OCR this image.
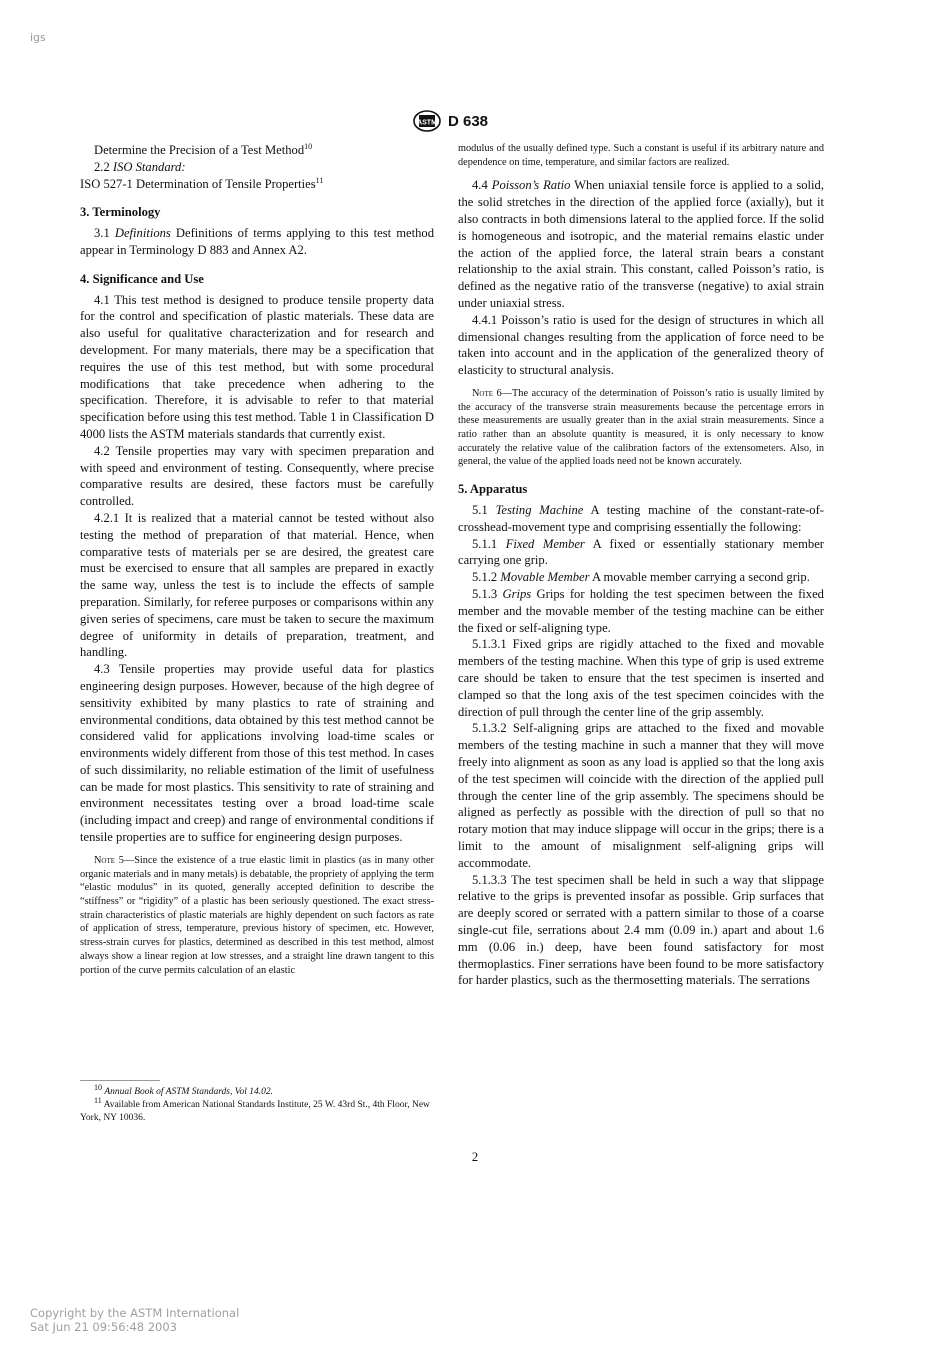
igs
ASTM D 638

Determine the Precision of a Test Method$^{10}$

2.2 ISO Standard:

ISO 527-1 Determination of Tensile Properties$^{11}$

3. Terminology

3.1 Definitions Definitions of terms applying to this test method appear in Terminology D 883 and Annex A2.

4. Significance and Use

4.1 This test method is designed to produce tensile property data for the control and specification of plastic materials. These data are also useful for qualitative characterization and for research and development. For many materials, there may be a specification that requires the use of this test method, but with some procedural modifications that take precedence when adhering to the specification. Therefore, it is advisable to refer to that material specification before using this test method. Table 1 in Classification D 4000 lists the ASTM materials standards that currently exist.

4.2 Tensile properties may vary with specimen preparation and with speed and environment of testing. Consequently, where precise comparative results are desired, these factors must be carefully controlled.

4.2.1 It is realized that a material cannot be tested without also testing the method of preparation of that material. Hence, when comparative tests of materials per se are desired, the greatest care must be exercised to ensure that all samples are prepared in exactly the same way, unless the test is to include the effects of sample preparation. Similarly, for referee purposes or comparisons within any given series of specimens, care must be taken to secure the maximum degree of uniformity in details of preparation, treatment, and handling.

4.3 Tensile properties may provide useful data for plastics engineering design purposes. However, because of the high degree of sensitivity exhibited by many plastics to rate of straining and environmental conditions, data obtained by this test method cannot be considered valid for applications involving load-time scales or environments widely different from those of this test method. In cases of such dissimilarity, no reliable estimation of the limit of usefulness can be made for most plastics. This sensitivity to rate of straining and environment necessitates testing over a broad load-time scale (including impact and creep) and range of environmental conditions if tensile properties are to suffice for engineering design purposes.

Note 5—Since the existence of a true elastic limit in plastics (as in many other organic materials and in many metals) is debatable, the propriety of applying the term “elastic modulus” in its quoted, generally accepted definition to describe the “stiffness” or “rigidity” of a plastic has been seriously questioned. The exact stress-strain characteristics of plastic materials are highly dependent on such factors as rate of application of stress, temperature, previous history of specimen, etc. However, stress-strain curves for plastics, determined as described in this test method, almost always show a linear region at low stresses, and a straight line drawn tangent to this portion of the curve permits calculation of an elastic

$^{10}$ Annual Book of ASTM Standards, Vol 14.02.

$^{11}$ Available from American National Standards Institute, 25 W. 43rd St., 4th Floor, New York, NY 10036.

modulus of the usually defined type. Such a constant is useful if its arbitrary nature and dependence on time, temperature, and similar factors are realized.

4.4 Poisson’s Ratio When uniaxial tensile force is applied to a solid, the solid stretches in the direction of the applied force (axially), but it also contracts in both dimensions lateral to the applied force. If the solid is homogeneous and isotropic, and the material remains elastic under the action of the applied force, the lateral strain bears a constant relationship to the axial strain. This constant, called Poisson’s ratio, is defined as the negative ratio of the transverse (negative) to axial strain under uniaxial stress.

4.4.1 Poisson’s ratio is used for the design of structures in which all dimensional changes resulting from the application of force need to be taken into account and in the application of the generalized theory of elasticity to structural analysis.

Note 6—The accuracy of the determination of Poisson’s ratio is usually limited by the accuracy of the transverse strain measurements because the percentage errors in these measurements are usually greater than in the axial strain measurements. Since a ratio rather than an absolute quantity is measured, it is only necessary to know accurately the relative value of the calibration factors of the extensometers. Also, in general, the value of the applied loads need not be known accurately.

5. Apparatus

5.1 Testing Machine A testing machine of the constant-rate-of-crosshead-movement type and comprising essentially the following:

5.1.1 Fixed Member A fixed or essentially stationary member carrying one grip.

5.1.2 Movable Member A movable member carrying a second grip.

5.1.3 Grips Grips for holding the test specimen between the fixed member and the movable member of the testing machine can be either the fixed or self-aligning type.

5.1.3.1 Fixed grips are rigidly attached to the fixed and movable members of the testing machine. When this type of grip is used extreme care should be taken to ensure that the test specimen is inserted and clamped so that the long axis of the test specimen coincides with the direction of pull through the center line of the grip assembly.

5.1.3.2 Self-aligning grips are attached to the fixed and movable members of the testing machine in such a manner that they will move freely into alignment as soon as any load is applied so that the long axis of the test specimen will coincide with the direction of the applied pull through the center line of the grip assembly. The specimens should be aligned as perfectly as possible with the direction of pull so that no rotary motion that may induce slippage will occur in the grips; there is a limit to the amount of misalignment self-aligning grips will accommodate.

5.1.3.3 The test specimen shall be held in such a way that slippage relative to the grips is prevented insofar as possible. Grip surfaces that are deeply scored or serrated with a pattern similar to those of a coarse single-cut file, serrations about 2.4 mm (0.09 in.) apart and about 1.6 mm (0.06 in.) deep, have been found satisfactory for most thermoplastics. Finer serrations have been found to be more satisfactory for harder plastics, such as the thermosetting materials. The serrations

2
Copyright by the ASTM International
Sat Jun 21 09:56:48 2003
